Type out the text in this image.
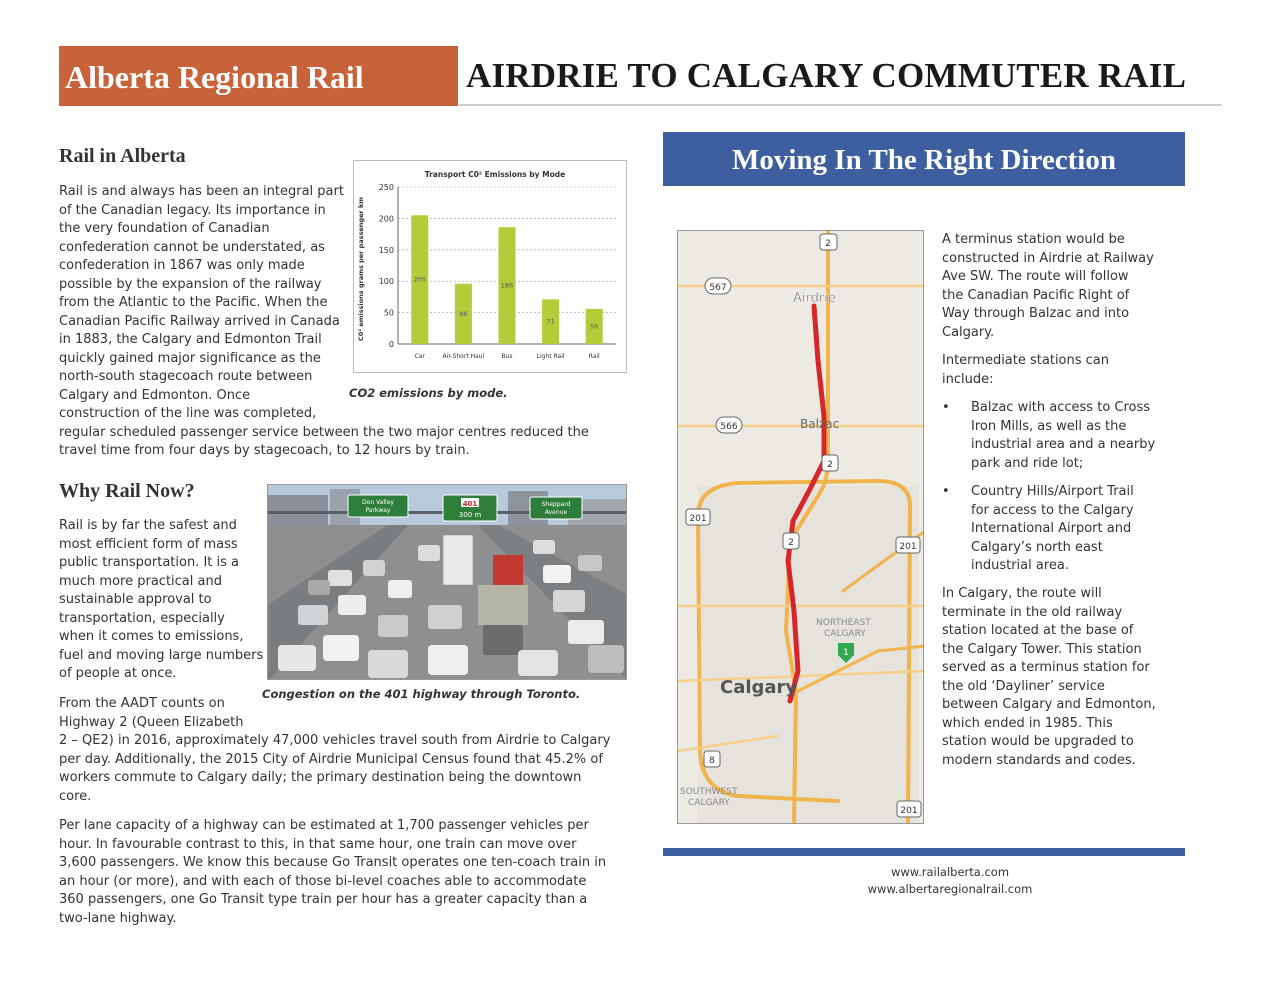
Alberta Regional Rail	AIRDRIE TO CALGARY COMMUTER RAIL
Rail in Alberta
Rail is and always has been an integral part
of the Canadian legacy. Its importance in
the very foundation of Canadian
confederation cannot be understated, as
confederation in 1867 was only made
possible by the expansion of the railway
from the Atlantic to the Pacific. When the
Canadian Pacific Railway arrived in Canada
in 1883, the Calgary and Edmonton Trail
quickly gained major significance as the
north-south stagecoach route between
Calgary and Edmonton. Once
construction of the line was completed,
regular scheduled passenger service between the two major centres reduced the
travel time from four days by stagecoach, to 12 hours by train.
Transport C0² Emissions by Mode
C0² emissions grams per passenger km	205
96
186
71
56
0
50
100
150
200
250
Car	Air-Short Haul	Bus	Light Rail	Rail
CO2 emissions by mode.
Why Rail Now?
Rail is by far the safest and
most efficient form of mass
public transportation. It is a
much more practical and
sustainable approval to
transportation, especially
when it comes to emissions,
fuel and moving large numbers
of people at once.
From the AADT counts on
Highway 2 (Queen Elizabeth
2 – QE2) in 2016, approximately 47,000 vehicles travel south from Airdrie to Calgary
per day. Additionally, the 2015 City of Airdrie Municipal Census found that 45.2% of
workers commute to Calgary daily; the primary destination being the downtown
core.
Per lane capacity of a highway can be estimated at 1,700 passenger vehicles per
hour. In favourable contrast to this, in that same hour, one train can move over
3,600 passengers. We know this because Go Transit operates one ten-coach train in
an hour (or more), and with each of those bi-level coaches able to accommodate
360 passengers, one Go Transit type train per hour has a greater capacity than a
two-lane highway.
Don Valley
Parkway
401
300 m
Sheppard
Avenue
Congestion on the 401 highway through Toronto.
Moving In The Right Direction
Airdrie
Balzac
Calgary
NORTHEAST
CALGARY
SOUTHWEST
CALGARY
2
567
566
2
201
2	201
1
8
201
A terminus station would be
constructed in Airdrie at Railway
Ave SW. The route will follow
the Canadian Pacific Right of
Way through Balzac and into
Calgary.
Intermediate stations can
include:
• Balzac with access to Cross
Iron Mills, as well as the
industrial area and a nearby
park and ride lot;
• Country Hills/Airport Trail
for access to the Calgary
International Airport and
Calgary’s north east
industrial area.
In Calgary, the route will
terminate in the old railway
station located at the base of
the Calgary Tower. This station
served as a terminus station for
the old ‘Dayliner’ service
between Calgary and Edmonton,
which ended in 1985. This
station would be upgraded to
modern standards and codes.
www.railalberta.com
www.albertaregionalrail.com
